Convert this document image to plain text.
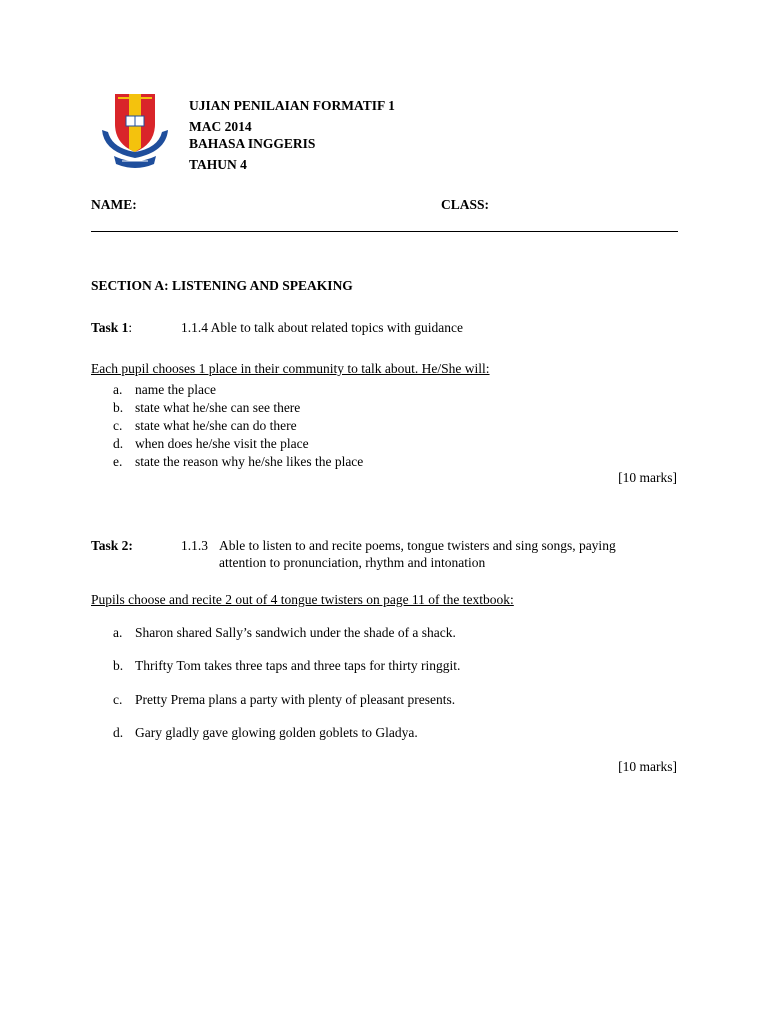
UJIAN PENILAIAN FORMATIF 1
MAC 2014
BAHASA INGGERIS
TAHUN 4
NAME:	CLASS:
SECTION A: LISTENING AND SPEAKING
Task 1:	1.1.4 Able to talk about related topics with guidance
Each pupil chooses 1 place in their community to talk about. He/She will:
a. name the place
b. state what he/she can see there
c. state what he/she can do there
d. when does he/she visit the place
e. state the reason why he/she likes the place
[10 marks]
Task 2:	1.1.3 Able to listen to and recite poems, tongue twisters and sing songs, paying
attention to pronunciation, rhythm and intonation
Pupils choose and recite 2 out of 4 tongue twisters on page 11 of the textbook:
a. Sharon shared Sally’s sandwich under the shade of a shack.
b. Thrifty Tom takes three taps and three taps for thirty ringgit.
c. Pretty Prema plans a party with plenty of pleasant presents.
d. Gary gladly gave glowing golden goblets to Gladya.
[10 marks]
